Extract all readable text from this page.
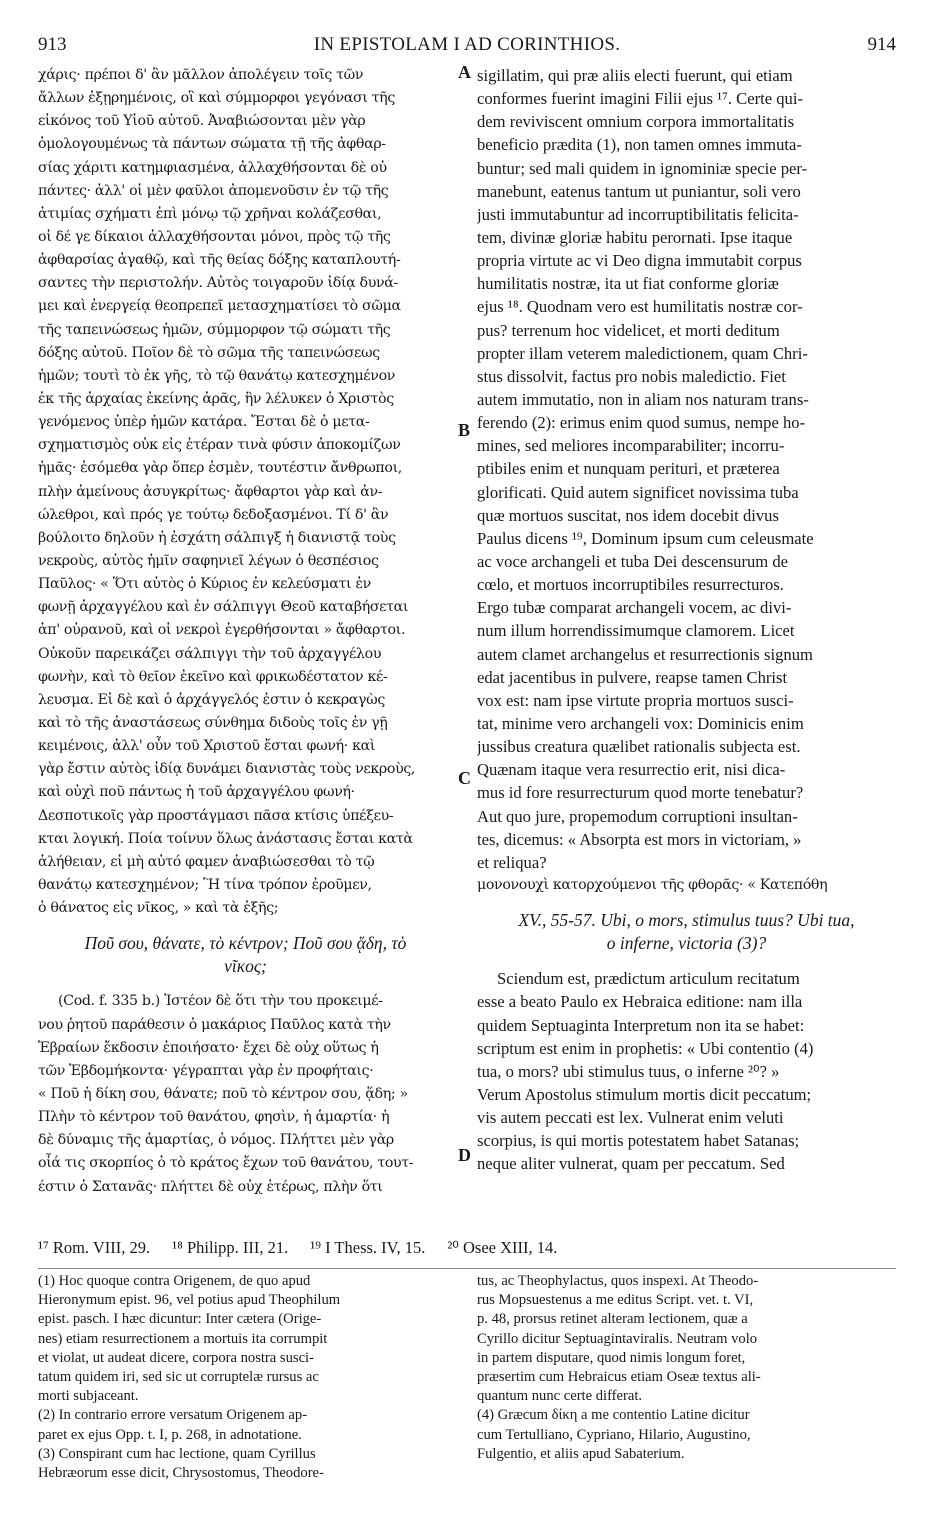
913	IN EPISTOLAM I AD CORINTHIOS.	914
χάρις· πρέποι δ' ἂν μᾶλλον ἀπολέγειν τοῖς τῶν
ἄλλων ἐξῃρημένοις, οἳ καὶ σύμμορφοι γεγόνασι τῆς
εἰκόνος τοῦ Υἱοῦ αὐτοῦ. Ἀναβιώσονται μὲν γὰρ
ὁμολογουμένως τὰ πάντων σώματα τῇ τῆς ἀφθαρ-
σίας χάριτι κατημφιασμένα, ἀλλαχθήσονται δὲ οὐ
πάντες· ἀλλ' οἱ μὲν φαῦλοι ἀπομενοῦσιν ἐν τῷ τῆς
ἀτιμίας σχήματι ἐπὶ μόνῳ τῷ χρῆναι κολάζεσθαι,
οἱ δέ γε δίκαιοι ἀλλαχθήσονται μόνοι, πρὸς τῷ τῆς
ἀφθαρσίας ἀγαθῷ, καὶ τῆς θείας δόξης καταπλουτή-
σαντες τὴν περιστολήν. Αὐτὸς τοιγαροῦν ἰδίᾳ δυνά-
μει καὶ ἐνεργείᾳ θεοπρεπεῖ μετασχηματίσει τὸ σῶμα
τῆς ταπεινώσεως ἡμῶν, σύμμορφον τῷ σώματι τῆς
δόξης αὐτοῦ. Ποῖον δὲ τὸ σῶμα τῆς ταπεινώσεως
ἡμῶν; τουτὶ τὸ ἐκ γῆς, τὸ τῷ θανάτῳ κατεσχημένον
ἐκ τῆς ἀρχαίας ἐκείνης ἀρᾶς, ἣν λέλυκεν ὁ Χριστὸς
γενόμενος ὑπὲρ ἡμῶν κατάρα. Ἔσται δὲ ὁ μετα-
σχηματισμὸς οὐκ εἰς ἑτέραν τινὰ φύσιν ἀποκομίζων
ἡμᾶς· ἐσόμεθα γὰρ ὅπερ ἐσμὲν, τουτέστιν ἄνθρωποι,
πλὴν ἀμείνους ἀσυγκρίτως· ἄφθαρτοι γὰρ καὶ ἀν-
ώλεθροι, καὶ πρός γε τούτῳ δεδοξασμένοι. Τί δ' ἂν
βούλοιτο δηλοῦν ἡ ἐσχάτη σάλπιγξ ἡ διανιστᾷ τοὺς
νεκροὺς, αὐτὸς ἡμῖν σαφηνιεῖ λέγων ὁ θεσπέσιος
Παῦλος· « Ὅτι αὐτὸς ὁ Κύριος ἐν κελεύσματι ἐν
φωνῇ ἀρχαγγέλου καὶ ἐν σάλπιγγι Θεοῦ καταβήσεται
ἀπ' οὐρανοῦ, καὶ οἱ νεκροὶ ἐγερθήσονται » ἄφθαρτοι.
Οὐκοῦν παρεικάζει σάλπιγγι τὴν τοῦ ἀρχαγγέλου
φωνὴν, καὶ τὸ θεῖον ἐκεῖνο καὶ φρικωδέστατον κέ-
λευσμα. Εἰ δὲ καὶ ὁ ἀρχάγγελός ἐστιν ὁ κεκραγὼς
καὶ τὸ τῆς ἀναστάσεως σύνθημα διδοὺς τοῖς ἐν γῇ
κειμένοις, ἀλλ' οὖν τοῦ Χριστοῦ ἔσται φωνή· καὶ
γὰρ ἔστιν αὐτὸς ἰδίᾳ δυνάμει διανιστὰς τοὺς νεκροὺς,
καὶ οὐχὶ ποῦ πάντως ἡ τοῦ ἀρχαγγέλου φωνή·
Δεσποτικοῖς γὰρ προστάγμασι πᾶσα κτίσις ὑπέξευ-
κται λογική. Ποία τοίνυν ὅλως ἀνάστασις ἔσται κατὰ
ἀλήθειαν, εἰ μὴ αὐτό φαμεν ἀναβιώσεσθαι τὸ τῷ
θανάτῳ κατεσχημένον; Ἢ τίνα τρόπον ἐροῦμεν,
ὁ θάνατος εἰς νῖκος, » καὶ τὰ ἑξῆς;
Ποῦ σου, θάνατε, τὸ κέντρον; Ποῦ σου ᾅδη, τὸ
νῖκος;
(Cod. f. 335 b.) Ἰστέον δὲ ὅτι τὴν του προκειμέ-
νου ῥητοῦ παράθεσιν ὁ μακάριος Παῦλος κατὰ τὴν
Ἑβραίων ἔκδοσιν ἐποιήσατο· ἔχει δὲ οὐχ οὕτως ἡ
τῶν Ἑβδομήκοντα· γέγραπται γὰρ ἐν προφήταις·
« Ποῦ ἡ δίκη σου, θάνατε; ποῦ τὸ κέντρον σου, ᾅδη; »
Πλὴν τὸ κέντρον τοῦ θανάτου, φησὶν, ἡ ἁμαρτία· ἡ
δὲ δύναμις τῆς ἁμαρτίας, ὁ νόμος. Πλήττει μὲν γὰρ
οἷά τις σκορπίος ὁ τὸ κράτος ἔχων τοῦ θανάτου, τουτ-
έστιν ὁ Σατανᾶς· πλήττει δὲ οὐχ ἑτέρως, πλὴν ὅτι
sigillatim, qui præ aliis electi fuerunt, qui etiam
conformes fuerint imagini Filii ejus ¹⁷. Certe qui-
dem reviviscent omnium corpora immortalitatis
beneficio prædita (1), non tamen omnes immuta-
buntur; sed mali quidem in ignominiæ specie per-
manebunt, eatenus tantum ut puniantur, soli vero
justi immutabuntur ad incorruptibilitatis felicita-
tem, divinæ gloriæ habitu perornati. Ipse itaque
propria virtute ac vi Deo digna immutabit corpus
humilitatis nostræ, ita ut fiat conforme gloriæ
ejus ¹⁸. Quodnam vero est humilitatis nostræ cor-
pus? terrenum hoc videlicet, et morti deditum
propter illam veterem maledictionem, quam Chri-
stus dissolvit, factus pro nobis maledictio. Fiet
autem immutatio, non in aliam nos naturam trans-
ferendo (2): erimus enim quod sumus, nempe ho-
mines, sed meliores incomparabiliter; incorru-
ptibiles enim et nunquam perituri, et præterea
glorificati. Quid autem significet novissima tuba
quæ mortuos suscitat, nos idem docebit divus
Paulus dicens ¹⁹, Dominum ipsum cum celeusmate
ac voce archangeli et tuba Dei descensurum de
cœlo, et mortuos incorruptibiles resurrecturos.
Ergo tubæ comparat archangeli vocem, ac divi-
num illum horrendissimumque clamorem. Licet
autem clamet archangelus et resurrectionis signum
edat jacentibus in pulvere, reapse tamen Christ
vox est: nam ipse virtute propria mortuos susci-
tat, minime vero archangeli vox: Dominicis enim
jussibus creatura quælibet rationalis subjecta est.
Quænam itaque vera resurrectio erit, nisi dica-
mus id fore resurrecturum quod morte tenebatur?
Aut quo jure, propemodum corruptioni insultan-
tes, dicemus: « Absorpta est mors in victoriam, »
et reliqua?
μονονουχὶ κατορχούμενοι τῆς φθορᾶς· « Κατεπόθη
XV., 55-57. Ubi, o mors, stimulus tuus? Ubi tua,
o inferne, victoria (3)?
Sciendum est, prædictum articulum recitatum
esse a beato Paulo ex Hebraica editione: nam illa
quidem Septuaginta Interpretum non ita se habet:
scriptum est enim in prophetis: « Ubi contentio (4)
tua, o mors? ubi stimulus tuus, o inferne ²⁰? »
Verum Apostolus stimulum mortis dicit peccatum;
vis autem peccati est lex. Vulnerat enim veluti
scorpius, is qui mortis potestatem habet Satanas;
neque aliter vulnerat, quam per peccatum. Sed
A
B
C
D
¹⁷ Rom. VIII, 29. ¹⁸ Philipp. III, 21. ¹⁹ I Thess. IV, 15. ²⁰ Osee XIII, 14.
(1) Hoc quoque contra Origenem, de quo apud
Hieronymum epist. 96, vel potius apud Theophilum
epist. pasch. I hæc dicuntur: Inter cætera (Orige-
nes) etiam resurrectionem a mortuis ita corrumpit
et violat, ut audeat dicere, corpora nostra susci-
tatum quidem iri, sed sic ut corruptelæ rursus ac
morti subjaceant.
(2) In contrario errore versatum Origenem ap-
paret ex ejus Opp. t. I, p. 268, in adnotatione.
(3) Conspirant cum hac lectione, quam Cyrillus
Hebræorum esse dicit, Chrysostomus, Theodore-
tus, ac Theophylactus, quos inspexi. At Theodo-
rus Mopsuestenus a me editus Script. vet. t. VI,
p. 48, prorsus retinet alteram lectionem, quæ a
Cyrillo dicitur Septuagintaviralis. Neutram volo
in partem disputare, quod nimis longum foret,
præsertim cum Hebraicus etiam Oseæ textus ali-
quantum nunc certe differat.
(4) Græcum δίκη a me contentio Latine dicitur
cum Tertulliano, Cypriano, Hilario, Augustino,
Fulgentio, et aliis apud Sabaterium.
